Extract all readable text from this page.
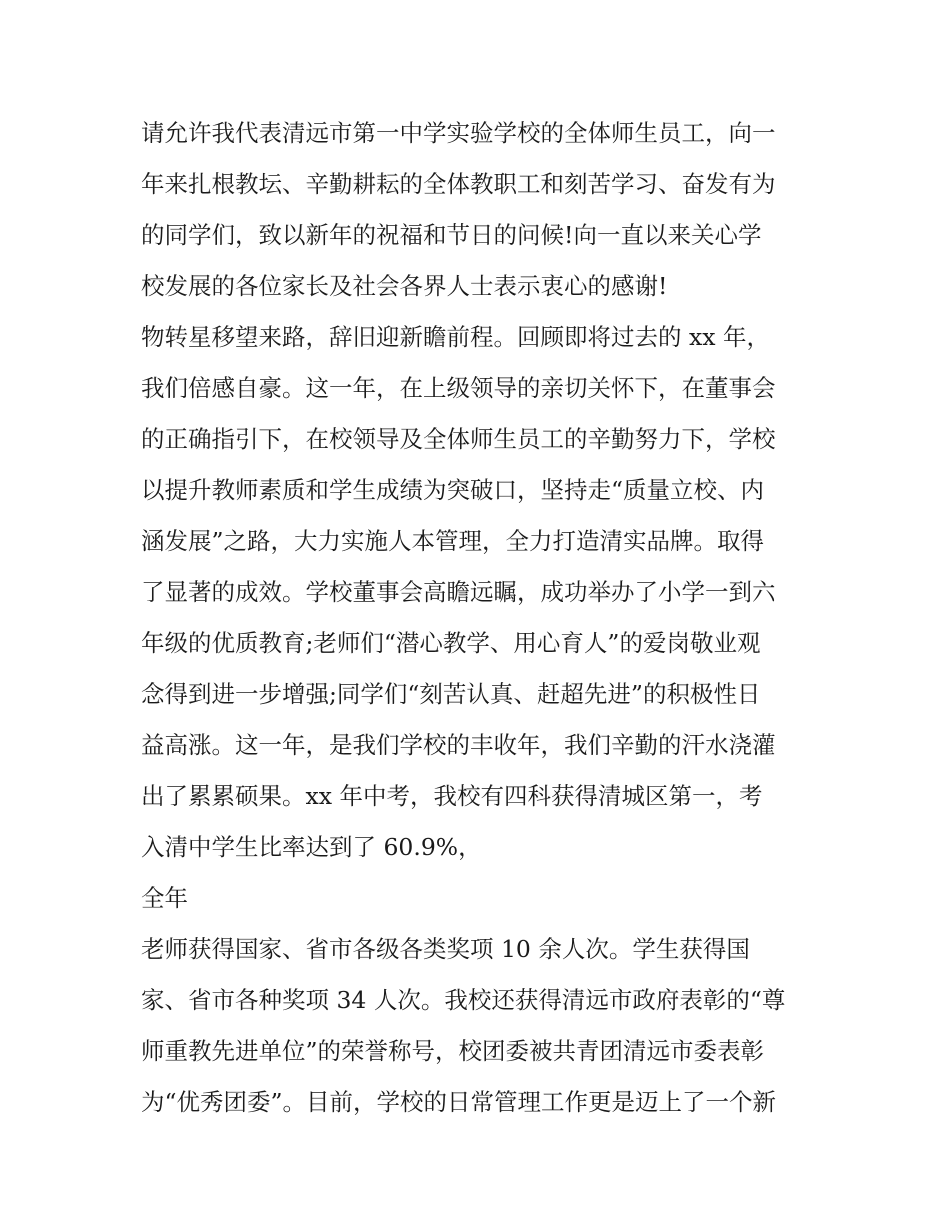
请允许我代表清远市第一中学实验学校的全体师生员工，向一
年来扎根教坛、辛勤耕耘的全体教职工和刻苦学习、奋发有为
的同学们，致以新年的祝福和节日的问候!向一直以来关心学
校发展的各位家长及社会各界人士表示衷心的感谢!
物转星移望来路，辞旧迎新瞻前程。回顾即将过去的 xx 年，
我们倍感自豪。这一年，在上级领导的亲切关怀下，在董事会
的正确指引下，在校领导及全体师生员工的辛勤努力下，学校
以提升教师素质和学生成绩为突破口，坚持走“质量立校、内
涵发展”之路，大力实施人本管理，全力打造清实品牌。取得
了显著的成效。学校董事会高瞻远瞩，成功举办了小学一到六
年级的优质教育;老师们“潜心教学、用心育人”的爱岗敬业观
念得到进一步增强;同学们“刻苦认真、赶超先进”的积极性日
益高涨。这一年，是我们学校的丰收年，我们辛勤的汗水浇灌
出了累累硕果。xx 年中考，我校有四科获得清城区第一，考
入清中学生比率达到了 60.9%，
全年
老师获得国家、省市各级各类奖项 10 余人次。学生获得国
家、省市各种奖项 34 人次。我校还获得清远市政府表彰的“尊
师重教先进单位”的荣誉称号，校团委被共青团清远市委表彰
为“优秀团委”。目前，学校的日常管理工作更是迈上了一个新
